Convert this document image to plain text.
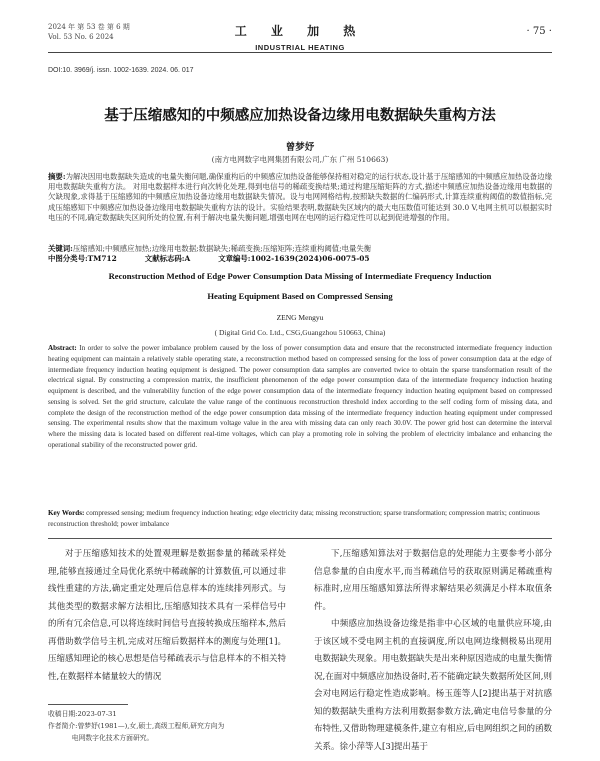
2024 年 第 53 卷 第 6 期
Vol. 53 No. 6 2024	工 业 加 热
INDUSTRIAL HEATING
· 75 ·
DOI:10. 3969/j. issn. 1002-1639. 2024. 06. 017
基于压缩感知的中频感应加热设备边缘用电数据缺失重构方法
曾梦妤
(南方电网数字电网集团有限公司,广东 广州 510663)
摘要:为解决因用电数据缺失造成的电量失衡问题,确保重构后的中频感应加热设备能够保持相对稳定的运行状态,设计基于压缩感知的中频感应加热设备边缘用电数据缺失重构方法。 对用电数据样本进行向次转化处理,得到电信号的稀疏变换结果;通过构建压缩矩阵的方式,描述中频感应加热设备边缘用电数据的欠缺现象,求得基于压缩感知的中频感应加热设备边缘用电数据缺失情况。设与电网网格结构,按照缺失数据的仁编码形式,计算连续重构阈值的数值指标,完成压缩感知下中频感应加热设备边缘用电数据缺失重构方法的设计。实验结果表明,数据缺失区域内的最大电压数值可能达到 30.0 V,电网主机可以根据实时电压的不同,确定数据缺失区间所处的位置,有利于解决电量失衡问题,增强电网在电网的运行稳定性可以起到促进增强的作用。
关键词:压缩感知;中频感应加热;边缘用电数据;数据缺失;稀疏变换;压缩矩阵;连续重构阈值;电量失衡
中图分类号:TM712	文献标志码:A	文章编号:1002-1639(2024)06-0075-05
Reconstruction Method of Edge Power Consumption Data Missing of Intermediate Frequency Induction
Heating Equipment Based on Compressed Sensing
ZENG Mengyu
( Digital Grid Co. Ltd., CSG,Guangzhou 510663, China)
Abstract: In order to solve the power imbalance problem caused by the loss of power consumption data and ensure that the reconstructed intermediate frequency induction heating equipment can maintain a relatively stable operating state, a reconstruction method based on compressed sensing for the loss of power consumption data at the edge of intermediate frequency induction heating equipment is designed. The power consumption data samples are converted twice to obtain the sparse transformation result of the electrical signal. By constructing a compression matrix, the insufficient phenomenon of the edge power consumption data of the intermediate frequency induction heating equipment is described, and the vulnerability function of the edge power consumption data of the intermediate frequency induction heating equipment based on compressed sensing is solved. Set the grid structure, calculate the value range of the continuous reconstruction threshold index according to the self coding form of missing data, and complete the design of the reconstruction method of the edge power consumption data missing of the intermediate frequency induction heating equipment under compressed sensing. The experimental results show that the maximum voltage value in the area with missing data can only reach 30.0V. The power grid host can determine the interval where the missing data is located based on different real-time voltages, which can play a promoting role in solving the problem of electricity imbalance and enhancing the operational stability of the reconstructed power grid.
Key Words: compressed sensing; medium frequency induction heating; edge electricity data; missing reconstruction; sparse transformation; compression matrix; continuous reconstruction threshold; power imbalance

对于压缩感知技术的处置观理解是数据参量的稀疏采样处理,能够直接通过全局优化系统中稀疏解的计算数值,可以通过非线性重建的方法,确定重定处理后信息样本的连续排列形式。与其他类型的数据求解方法相比,压缩感知技术具有一采样信号中的所有冗余信息,可以将连续时间信号直接转换成压缩样本,然后再借助数学信号主机,完成对压缩后数据样本的测度与处理[1]。压缩感知理论的核心思想是信号稀疏表示与信息样本的不相关特性,在数据样本储量较大的情况

下,压缩感知算法对于数据信息的处理能力主要参考小部分信息参量的自由度水平,而当稀疏信号的获取原则满足稀疏重构标准时,应用压缩感知算法所得求解结果必须满足小样本取值条件。

中频感应加热设备边缘是指非中心区域的电量供应环境,由于该区域不受电网主机的直接调度,所以电网边缘侧极易出现用电数据缺失现象。用电数据缺失是出来种原因造成的电量失衡情况,在面对中频感应加热设备时,若不能确定缺失数据所处区间,则会对电网运行稳定性造成影响。杨玉莲等人[2]提出基于对抗感知的数据缺失重构方法利用数据参数方法,确定电信号参量的分布特性,又借助物理建模条件,建立有相应,后电网组织之间的函数关系。徐小萍等人[3]提出基于

收稿日期:2023-07-31
作者简介:曾梦妤(1981—),女,硕士,高级工程师,研究方向为
电网数字化技术方面研究。
